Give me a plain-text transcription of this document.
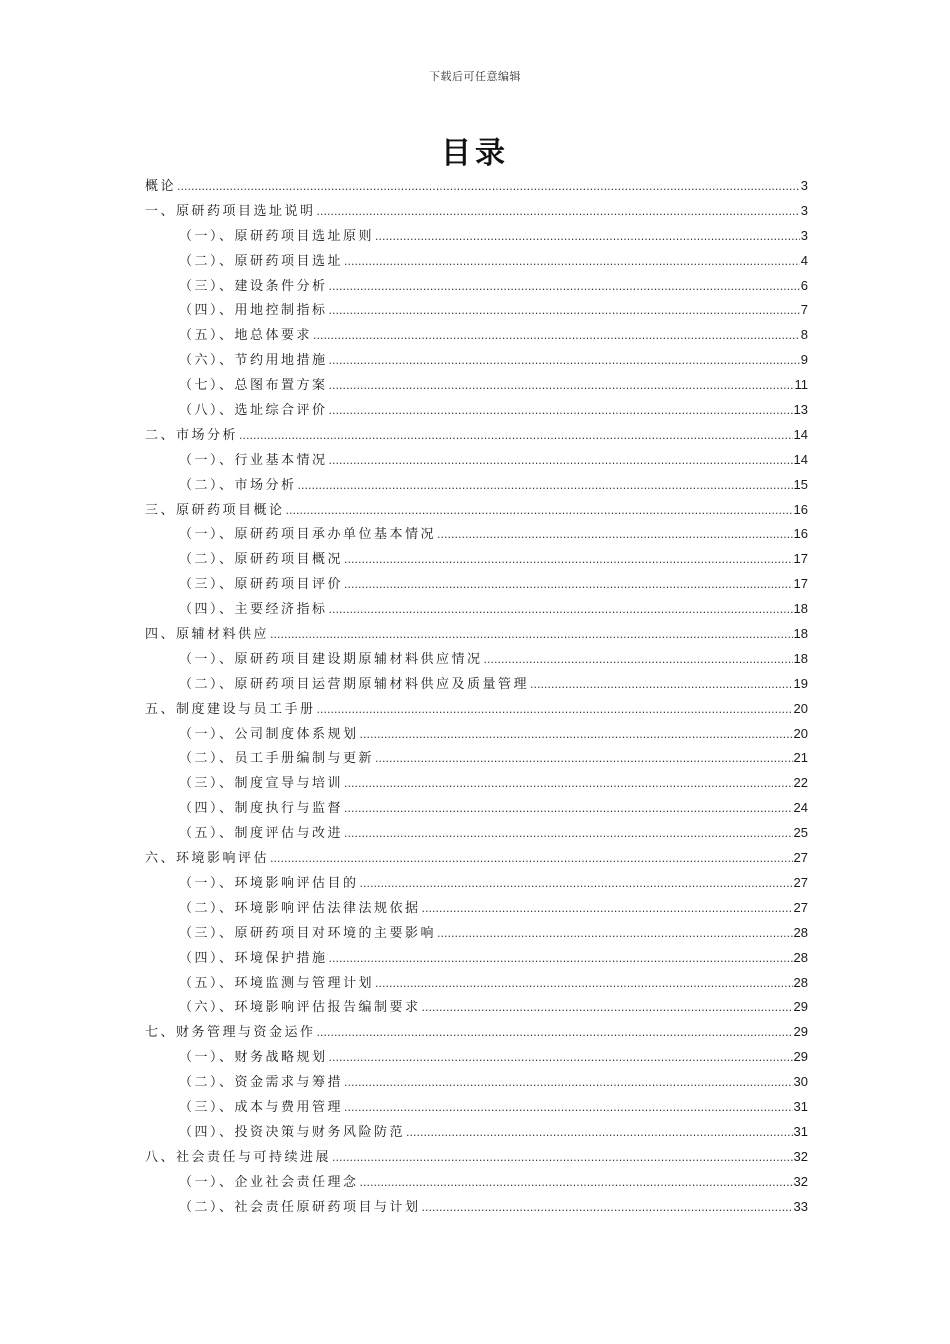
下载后可任意编辑
目录
概论 .....	3
一、原研药项目选址说明 .....	3
（一）、原研药项目选址原则 .....	3
（二）、原研药项目选址 .....	4
（三）、建设条件分析 .....	6
（四）、用地控制指标 .....	7
（五）、地总体要求 .....	8
（六）、节约用地措施 .....	9
（七）、总图布置方案 .....	11
（八）、选址综合评价 .....	13
二、市场分析 .....	14
（一）、行业基本情况 .....	14
（二）、市场分析 .....	15
三、原研药项目概论 .....	16
（一）、原研药项目承办单位基本情况 .....	16
（二）、原研药项目概况 .....	17
（三）、原研药项目评价 .....	17
（四）、主要经济指标 .....	18
四、原辅材料供应 .....	18
（一）、原研药项目建设期原辅材料供应情况 .....	18
（二）、原研药项目运营期原辅材料供应及质量管理 .....	19
五、制度建设与员工手册 .....	20
（一）、公司制度体系规划 .....	20
（二）、员工手册编制与更新 .....	21
（三）、制度宣导与培训 .....	22
（四）、制度执行与监督 .....	24
（五）、制度评估与改进 .....	25
六、环境影响评估 .....	27
（一）、环境影响评估目的 .....	27
（二）、环境影响评估法律法规依据 .....	27
（三）、原研药项目对环境的主要影响 .....	28
（四）、环境保护措施 .....	28
（五）、环境监测与管理计划 .....	28
（六）、环境影响评估报告编制要求 .....	29
七、财务管理与资金运作 .....	29
（一）、财务战略规划 .....	29
（二）、资金需求与筹措 .....	30
（三）、成本与费用管理 .....	31
（四）、投资决策与财务风险防范 .....	31
八、社会责任与可持续进展 .....	32
（一）、企业社会责任理念 .....	32
（二）、社会责任原研药项目与计划 .....	33
